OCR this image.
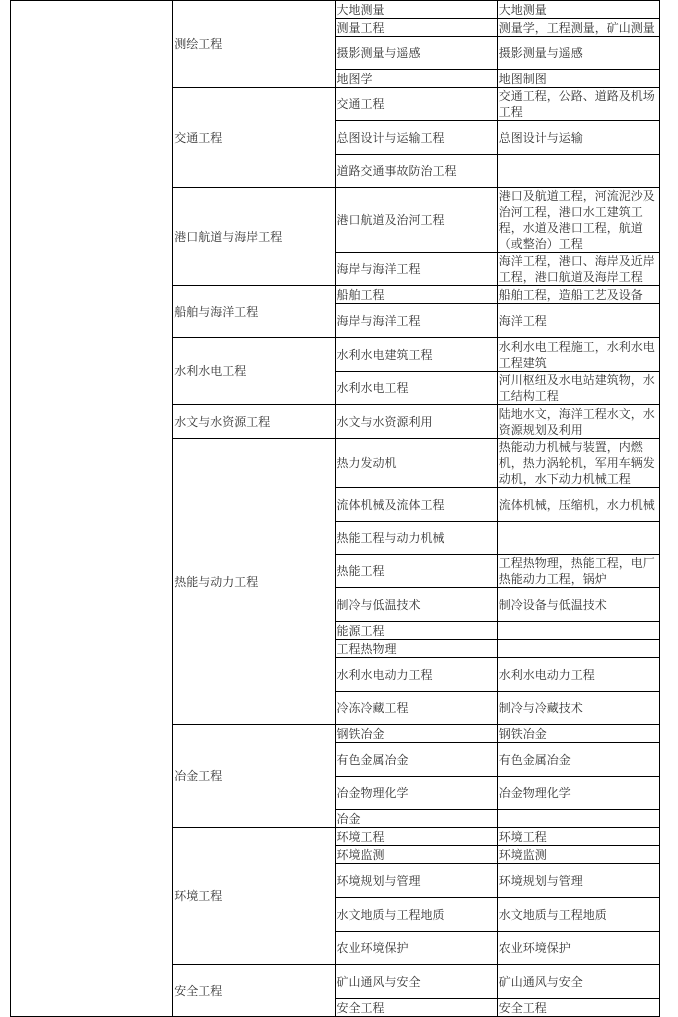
	测绘工程	大地测量	大地测量
		测量工程	测量学，工程测量，矿山测量
		摄影测量与遥感	摄影测量与遥感
		地图学	地图制图
	交通工程	交通工程	交通工程，公路、道路及机场工程
		总图设计与运输工程	总图设计与运输
		道路交通事故防治工程	
	港口航道与海岸工程	港口航道及治河工程	港口及航道工程，河流泥沙及治河工程，港口水工建筑工程，水道及港口工程，航道（或整治）工程
		海岸与海洋工程	海洋工程，港口、海岸及近岸工程，港口航道及海岸工程
	船舶与海洋工程	船舶工程	船舶工程，造船工艺及设备
		海岸与海洋工程	海洋工程
	水利水电工程	水利水电建筑工程	水利水电工程施工，水利水电工程建筑
		水利水电工程	河川枢纽及水电站建筑物，水工结构工程
	水文与水资源工程	水文与水资源利用	陆地水文，海洋工程水文，水资源规划及利用
	热能与动力工程	热力发动机	热能动力机械与装置，内燃机，热力涡轮机，军用车辆发动机，水下动力机械工程
		流体机械及流体工程	流体机械，压缩机，水力机械
		热能工程与动力机械	
		热能工程	工程热物理，热能工程，电厂热能动力工程，锅炉
		制冷与低温技术	制冷设备与低温技术
		能源工程	
		工程热物理	
		水利水电动力工程	水利水电动力工程
		冷冻冷藏工程	制冷与冷藏技术
	冶金工程	钢铁冶金	钢铁冶金
		有色金属冶金	有色金属冶金
		冶金物理化学	冶金物理化学
		冶金	
	环境工程	环境工程	环境工程
		环境监测	环境监测
		环境规划与管理	环境规划与管理
		水文地质与工程地质	水文地质与工程地质
		农业环境保护	农业环境保护
	安全工程	矿山通风与安全	矿山通风与安全
		安全工程	安全工程
